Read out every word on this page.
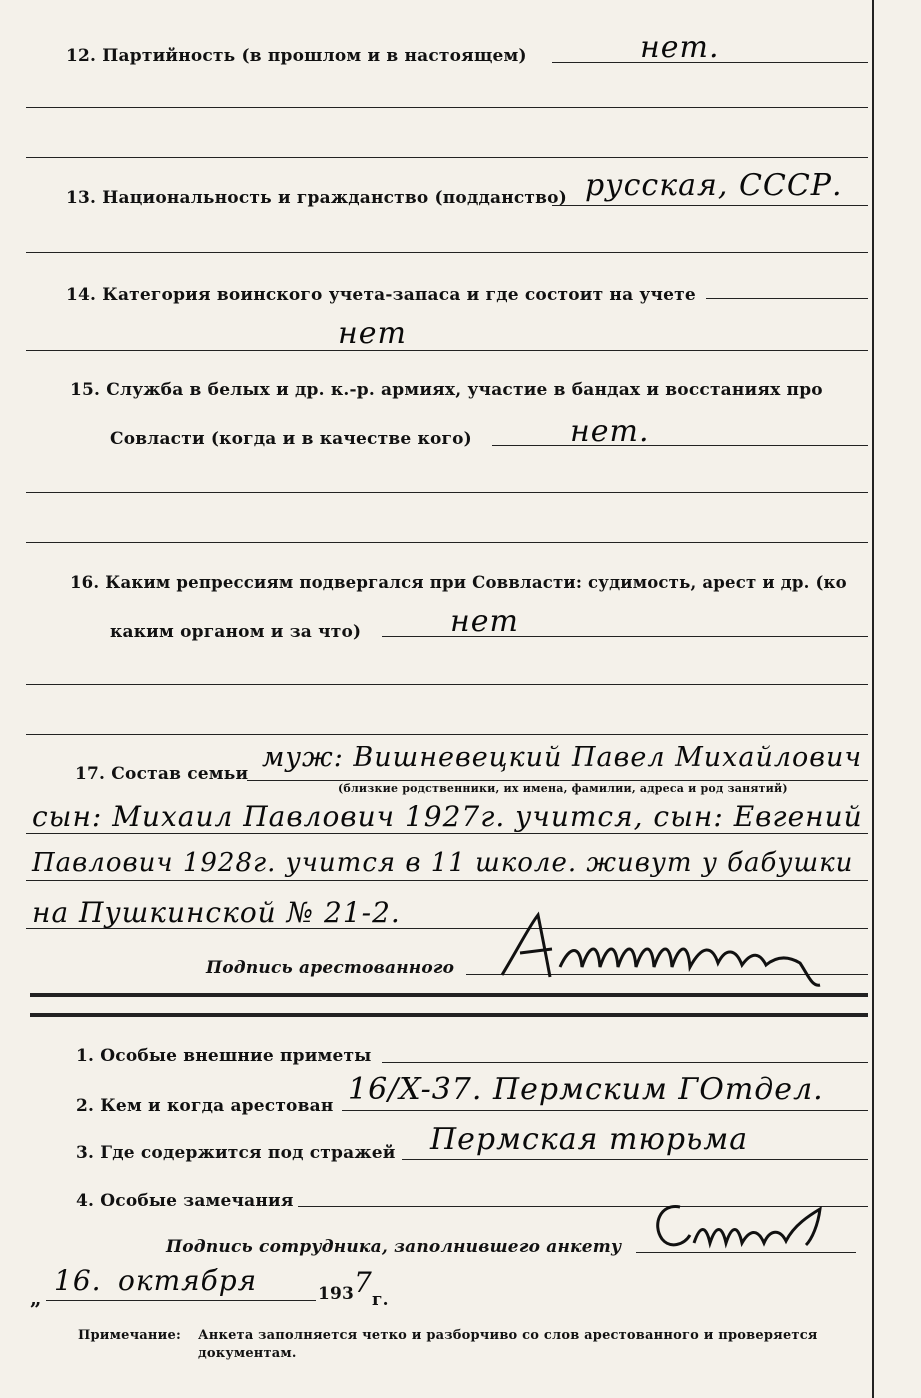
12. Партийность (в прошлом и в настоящем)	нет.
13. Национальность и гражданство (подданство) русская, СССР.
14. Категория воинского учета-запаса и где состоит на учете
нет
15. Служба в белых и др. к.-р. армиях, участие в бандах и восстаниях про
Совласти (когда и в качестве кого)	нет.
16. Каким репрессиям подвергался при Соввласти: судимость, арест и др. (ко
каким органом и за что)	нет
17. Состав семьи
муж: Вишневецкий Павел Михайлович
(близкие родственники, их имена, фамилии, адреса и род занятий)
сын: Михаил Павлович 1927г. учится, сын: Евгений
Павлович 1928г. учится в 11 школе. живут у бабушки
на Пушкинской № 21-2.
Подпись арестованного
1. Особые внешние приметы
2. Кем и когда арестован 16/X-37. Пермским ГОтдел.
3. Где содержится под стражей Пермская тюрьма
4. Особые замечания
Подпись сотрудника, заполнившего анкету
„
16. октября	193 7
г.
Примечание: Анкета заполняется четко и разборчиво со слов арестованного и проверяется
документам.
